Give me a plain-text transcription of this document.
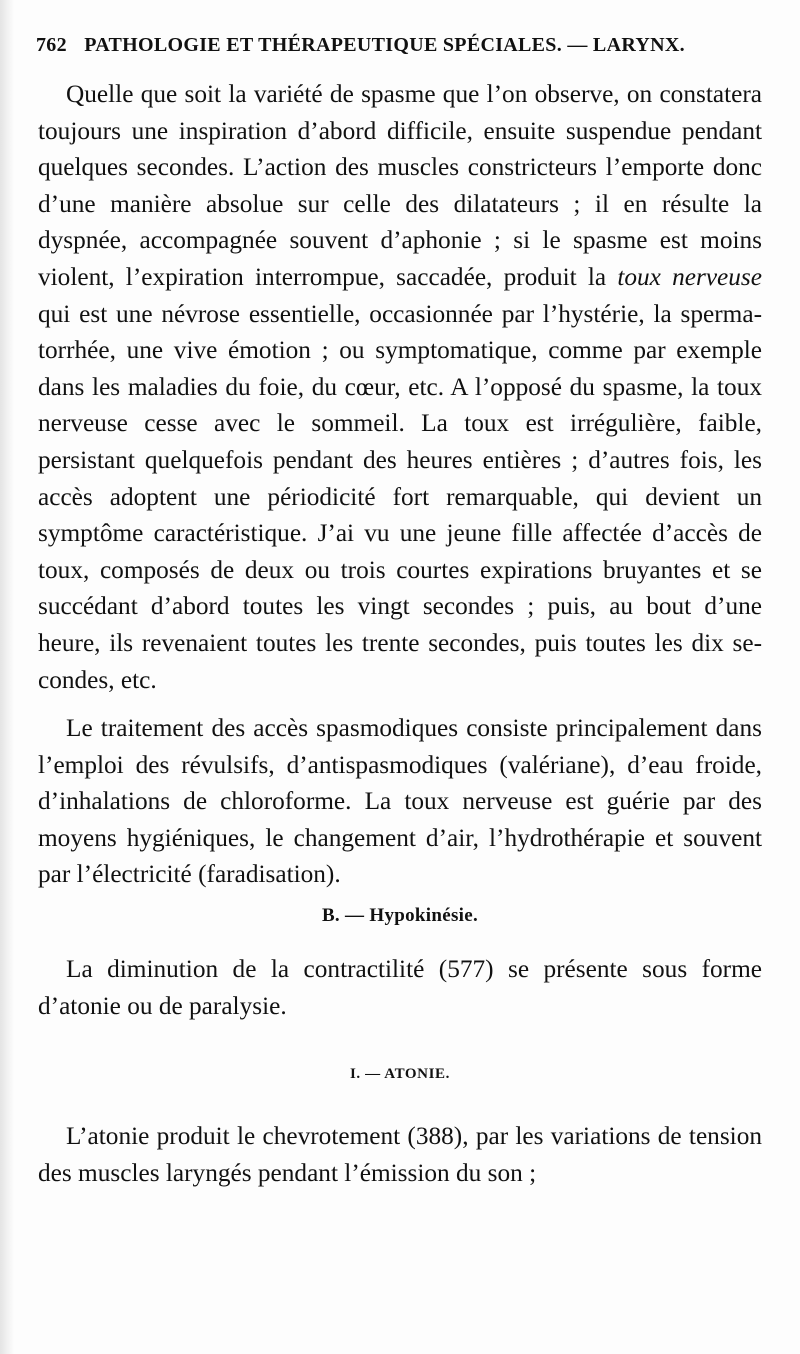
762 PATHOLOGIE ET THÉRAPEUTIQUE SPÉCIALES. — LARYNX.

Quelle que soit la variété de spasme que l’on observe, on constatera toujours une inspiration d’abord difficile, ensuite suspendue pendant quelques secondes. L’action des muscles constricteurs l’emporte donc d’une manière absolue sur celle des dilatateurs ; il en résulte la dyspnée, accompagnée souvent d’aphonie ; si le spasme est moins violent, l’expiration interrompue, saccadée, produit la toux nerveuse qui est une névrose essentielle, occasionnée par l’hystérie, la spermatorrhée, une vive émotion ; ou symptomatique, comme par exemple dans les maladies du foie, du cœur, etc. A l’opposé du spasme, la toux nerveuse cesse avec le sommeil. La toux est irrégulière, faible, persistant quelquefois pendant des heures entières ; d’autres fois, les accès adoptent une périodicité fort remarquable, qui devient un symptôme caractéristique. J’ai vu une jeune fille affectée d’accès de toux, composés de deux ou trois courtes expirations bruyantes et se succédant d’abord toutes les vingt secondes ; puis, au bout d’une heure, ils revenaient toutes les trente secondes, puis toutes les dix secondes, etc.

Le traitement des accès spasmodiques consiste principalement dans l’emploi des révulsifs, d’antispasmodiques (valériane), d’eau froide, d’inhalations de chloroforme. La toux nerveuse est guérie par des moyens hygiéniques, le changement d’air, l’hydrothérapie et souvent par l’électricité (faradisation).

B. — Hypokinésie.

La diminution de la contractilité (577) se présente sous forme d’atonie ou de paralysie.

I. — ATONIE.

L’atonie produit le chevrotement (388), par les variations de tension des muscles laryngés pendant l’émission du son ;
